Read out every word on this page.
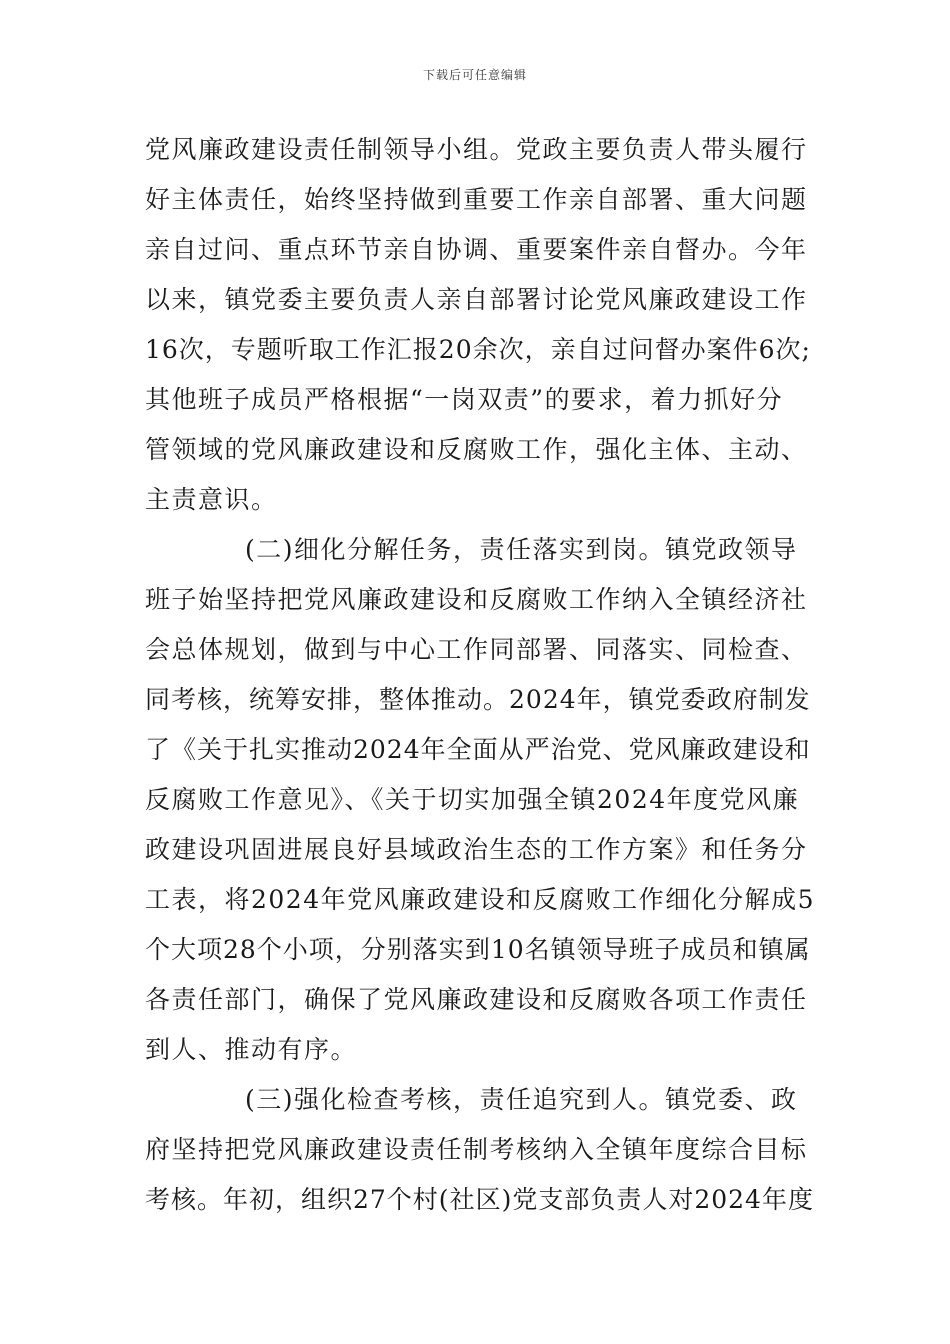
下载后可任意编辑
党风廉政建设责任制领导小组。党政主要负责人带头履行
好主体责任，始终坚持做到重要工作亲自部署、重大问题
亲自过问、重点环节亲自协调、重要案件亲自督办。今年
以来，镇党委主要负责人亲自部署讨论党风廉政建设工作
16次，专题听取工作汇报20余次，亲自过问督办案件6次;
其他班子成员严格根据“一岗双责”的要求，着力抓好分
管领域的党风廉政建设和反腐败工作，强化主体、主动、
主责意识。
(二)细化分解任务，责任落实到岗。镇党政领导
班子始坚持把党风廉政建设和反腐败工作纳入全镇经济社
会总体规划，做到与中心工作同部署、同落实、同检查、
同考核，统筹安排，整体推动。2024年，镇党委政府制发
了《关于扎实推动2024年全面从严治党、党风廉政建设和
反腐败工作意见》、《关于切实加强全镇2024年度党风廉
政建设巩固进展良好县域政治生态的工作方案》和任务分
工表，将2024年党风廉政建设和反腐败工作细化分解成5
个大项28个小项，分别落实到10名镇领导班子成员和镇属
各责任部门，确保了党风廉政建设和反腐败各项工作责任
到人、推动有序。
(三)强化检查考核，责任追究到人。镇党委、政
府坚持把党风廉政建设责任制考核纳入全镇年度综合目标
考核。年初，组织27个村(社区)党支部负责人对2024年度
